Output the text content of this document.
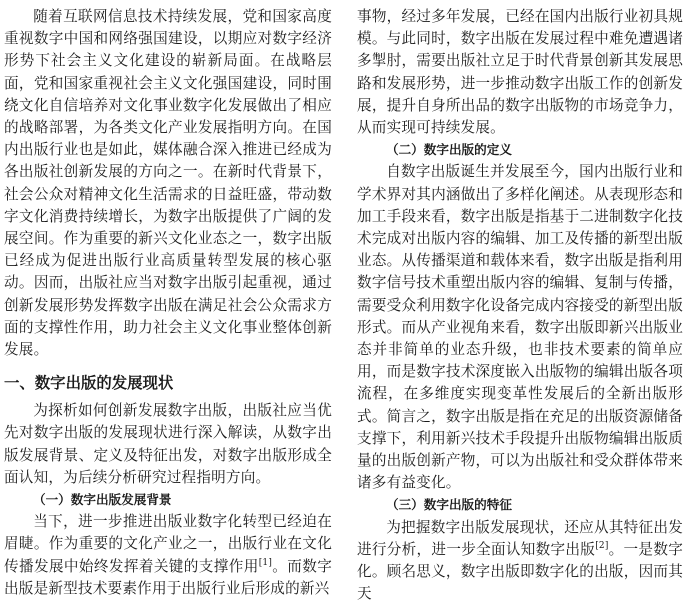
随着互联网信息技术持续发展，党和国家高度重视数字中国和网络强国建设，以期应对数字经济形势下社会主义文化建设的崭新局面。在战略层面，党和国家重视社会主义文化强国建设，同时围绕文化自信培养对文化事业数字化发展做出了相应的战略部署，为各类文化产业发展指明方向。在国内出版行业也是如此，媒体融合深入推进已经成为各出版社创新发展的方向之一。在新时代背景下，社会公众对精神文化生活需求的日益旺盛，带动数字文化消费持续增长，为数字出版提供了广阔的发展空间。作为重要的新兴文化业态之一，数字出版已经成为促进出版行业高质量转型发展的核心驱动。因而，出版社应当对数字出版引起重视，通过创新发展形势发挥数字出版在满足社会公众需求方面的支撑性作用，助力社会主义文化事业整体创新发展。

一、数字出版的发展现状

为探析如何创新发展数字出版，出版社应当优先对数字出版的发展现状进行深入解读，从数字出版发展背景、定义及特征出发，对数字出版形成全面认知，为后续分析研究过程指明方向。

（一）数字出版发展背景

当下，进一步推进出版业数字化转型已经迫在眉睫。作为重要的文化产业之一，出版行业在文化传播发展中始终发挥着关键的支撑作用[1]。而数字出版是新型技术要素作用于出版行业后形成的新兴

事物，经过多年发展，已经在国内出版行业初具规模。与此同时，数字出版在发展过程中难免遭遇诸多掣肘，需要出版社立足于时代背景创新其发展思路和发展形势，进一步推动数字出版工作的创新发展，提升自身所出品的数字出版物的市场竞争力，从而实现可持续发展。

（二）数字出版的定义

自数字出版诞生并发展至今，国内出版行业和学术界对其内涵做出了多样化阐述。从表现形态和加工手段来看，数字出版是指基于二进制数字化技术完成对出版内容的编辑、加工及传播的新型出版业态。从传播渠道和载体来看，数字出版是指利用数字信号技术重塑出版内容的编辑、复制与传播，需要受众利用数字化设备完成内容接受的新型出版形式。而从产业视角来看，数字出版即新兴出版业态并非简单的业态升级，也非技术要素的简单应用，而是数字技术深度嵌入出版物的编辑出版各项流程，在多维度实现变革性发展后的全新出版形式。简言之，数字出版是指在充足的出版资源储备支撑下，利用新兴技术手段提升出版物编辑出版质量的出版创新产物，可以为出版社和受众群体带来诸多有益变化。

（三）数字出版的特征

为把握数字出版发展现状，还应从其特征出发进行分析，进一步全面认知数字出版[2]。一是数字化。顾名思义，数字出版即数字化的出版，因而其天
